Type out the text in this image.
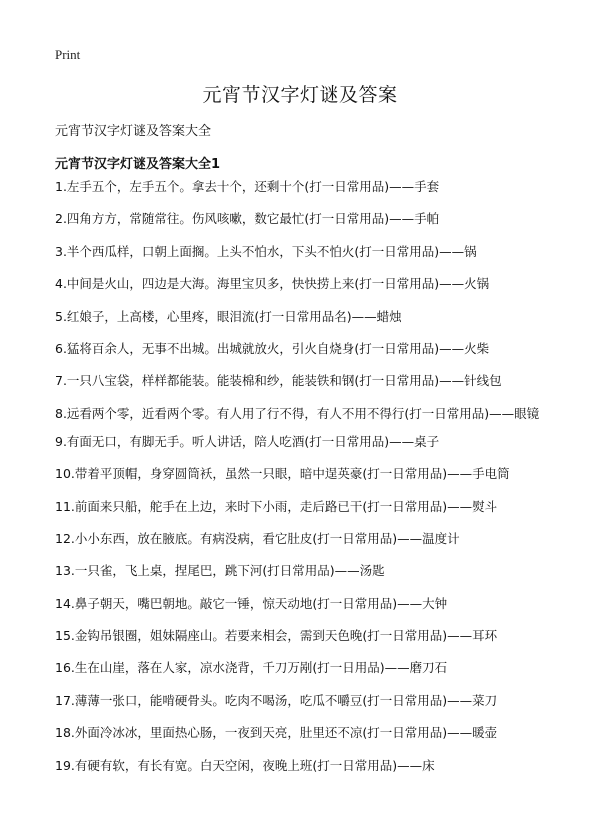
Print
元宵节汉字灯谜及答案

元宵节汉字灯谜及答案大全

元宵节汉字灯谜及答案大全1

1.左手五个，左手五个。拿去十个，还剩十个(打一日常用品)——手套
2.四角方方，常随常往。伤风咳嗽，数它最忙(打一日常用品)——手帕
3.半个西瓜样，口朝上面搁。上头不怕水，下头不怕火(打一日常用品)——锅
4.中间是火山，四边是大海。海里宝贝多，快快捞上来(打一日常用品)——火锅
5.红娘子，上高楼，心里疼，眼泪流(打一日常用品名)——蜡烛
6.猛将百余人，无事不出城。出城就放火，引火自烧身(打一日常用品)——火柴
7.一只八宝袋，样样都能装。能装棉和纱，能装铁和钢(打一日常用品)——针线包
8.远看两个零，近看两个零。有人用了行不得，有人不用不得行(打一日常用品)——眼镜
9.有面无口，有脚无手。听人讲话，陪人吃酒(打一日常用品)——桌子
10.带着平顶帽，身穿圆筒袄，虽然一只眼，暗中逞英豪(打一日常用品)——手电筒
11.前面来只船，舵手在上边，来时下小雨，走后路已干(打一日常用品)——熨斗
12.小小东西，放在腋底。有病没病，看它肚皮(打一日常用品)——温度计
13.一只雀，飞上桌，捏尾巴，跳下河(打日常用品)——汤匙
14.鼻子朝天，嘴巴朝地。敲它一锤，惊天动地(打一日常用品)——大钟
15.金钩吊银圈，姐妹隔座山。若要来相会，需到天色晚(打一日常用品)——耳环
16.生在山崖，落在人家，凉水浇背，千刀万剐(打一日用品)——磨刀石
17.薄薄一张口，能啃硬骨头。吃肉不喝汤，吃瓜不嚼豆(打一日常用品)——菜刀
18.外面冷冰冰，里面热心肠，一夜到天亮，肚里还不凉(打一日常用品)——暖壶
19.有硬有软，有长有宽。白天空闲，夜晚上班(打一日常用品)——床
